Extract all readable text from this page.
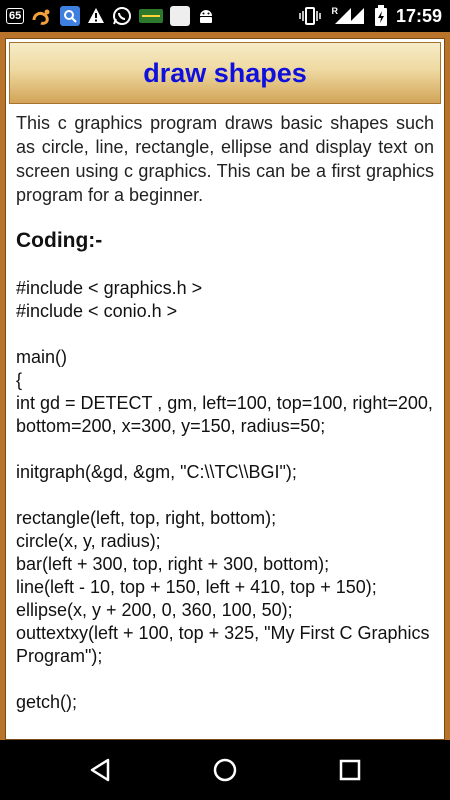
65	R	17:59
draw shapes

This c graphics program draws basic shapes such as circle, line, rectangle, ellipse and display text on screen using c graphics. This can be a first graphics program for a beginner.

Coding:-
#include < graphics.h >
#include < conio.h >
main()
{
int gd = DETECT , gm, left=100, top=100, right=200, bottom=200, x=300, y=150, radius=50;
initgraph(&gd, &gm, "C:\\TC\\BGI");
rectangle(left, top, right, bottom);
circle(x, y, radius);
bar(left + 300, top, right + 300, bottom);
line(left - 10, top + 150, left + 410, top + 150);
ellipse(x, y + 200, 0, 360, 100, 50);
outtextxy(left + 100, top + 325, "My First C Graphics Program");
getch();
